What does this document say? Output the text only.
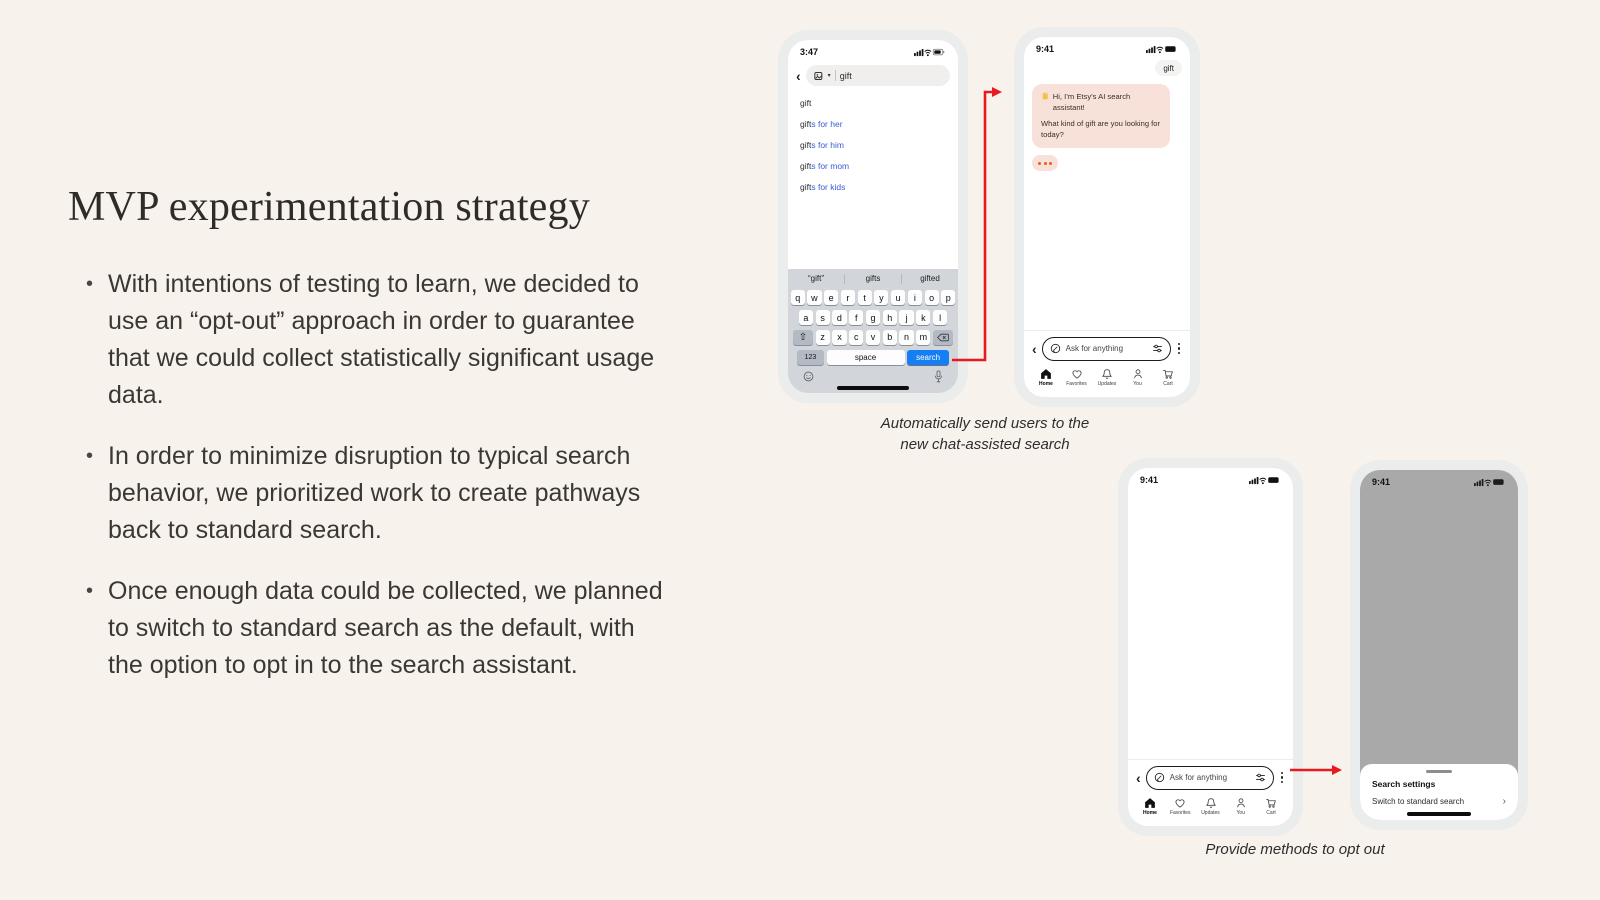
MVP experimentation strategy

• With intentions of testing to learn, we decided to use an “opt-out” approach in order to guarantee that we could collect statistically significant usage data.

• In order to minimize disruption to typical search behavior, we prioritized work to create pathways back to standard search.

• Once enough data could be collected, we planned to switch to standard search as the default, with the option to opt in to the search assistant.

Automatically send users to the
new chat-assisted search
Provide methods to opt out
3:47
‹	▾ gift
gift
gifts for her
gifts for him
gifts for mom
gifts for kids
“gift”	gifts	gifted
q	w	e	r	t	y	u	i	o	p
a	s	d	f	g	h	j	k	l
⇧	z	x	c	v	b	n	m
123	space	search
9:41
gift

Hi, I’m Etsy’s AI search assistant!

What kind of gift are you looking for today?

‹	Ask for anything
Home	Favorites Updates	You	Cart
9:41
‹	Ask for anything
Home	Favorites Updates	You	Cart
9:41
Search settings
Switch to standard search	›
